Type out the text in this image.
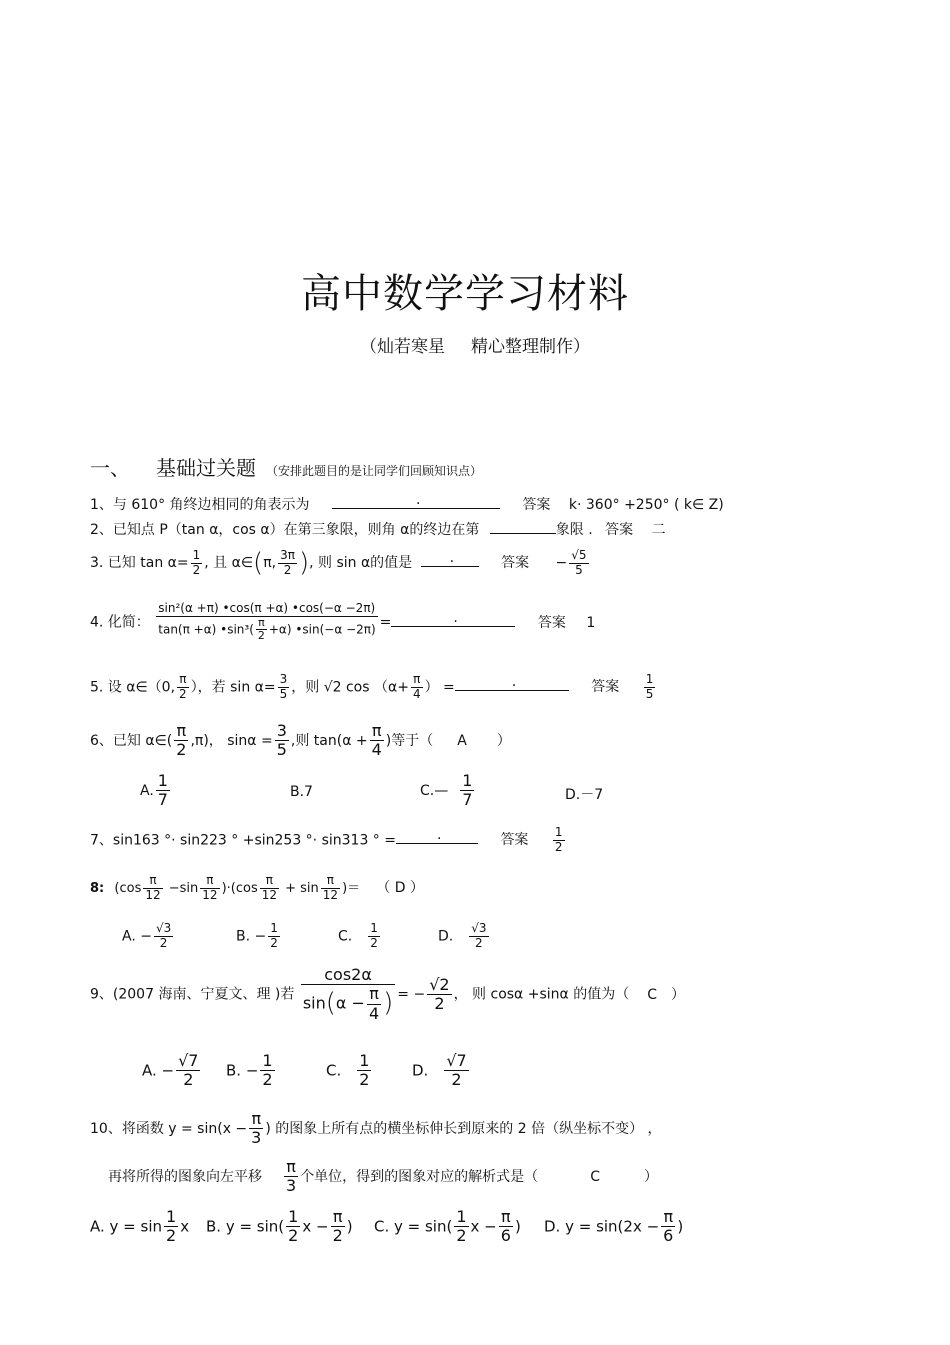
高中数学学习材料
（灿若寒星 精心整理制作）
一、 基础过关题 （安排此题目的是让同学们回顾知识点）
1、与 610° 角终边相同的角表示为	.	答案 k· 360° +250° ( k∈ Z)
2、已知点 P（tan α，cos α）在第三象限，则角 α的终边在第	象限 . 答案 二
3. 已知 $\tan \alpha= \frac{1}{2}$ , 且 α∈(π, $\frac{3\pi}{2}$ ), 则 sin α的值是	.	答案 − $\frac{√5}{5}$
4. 化简： $\frac{\text{sin²(α +π) •cos(π +α) •cos(−α −2π)}}{\tan(\pi +\alpha) •\sin^3( \frac{\pi}{2} +\alpha) •\sin(-\alpha -2\pi)}$ =	.	答案 1
5. 设 α∈（0, $\frac{\pi}{2}$ ），若 $\sin \alpha= \frac{3}{5}$ ，则 √2 $\cos (\alpha+ \frac{\pi}{4}$ ） =	.	答案 $\frac{1}{5}$
6、已知 α∈( $\frac{\pi}{2} ,\pi$)， $\sin\alpha = \frac{3}{5}$ ,则 $\tan(\alpha + \frac{\pi}{4}$ )等于（ A ）
A. $\frac{1}{7}$	B.7	C.— $\frac{1}{7}$	D.－7
7、sin163 °· sin223 ° +sin253 °· sin313 ° =	.	答案 $\frac{1}{2}$
8: $(\cos \frac{\pi}{12} -\sin \frac{\pi}{12} )\cdot(\cos \frac{\pi}{12} + \sin \frac{\pi}{12}$ )＝ （ D ）
A. − $\frac{√3}{2}$	B. − $\frac{1}{2}$	C. $\frac{1}{2}$	D. $\frac{√3}{2}$
9、(2007 海南、宁夏文、理 )若 $\frac{\cos 2\alpha}{\sin(\alpha - \frac{\pi}{4} )}$ = − $\frac{√2}{2}$ ， 则 cosα +sinα 的值为（ C ）
A. − $\frac{√7}{2} B$. − $\frac{1}{2}$	C. $\frac{1}{2}$	D. $\frac{√7}{2}$
10、将函数 $y = \sin(x - \frac{\pi}{3}$ ) 的图象上所有点的横坐标伸长到原来的 2 倍（纵坐标不变） ，
再将所得的图象向左平移 $\frac{\pi}{3}$ 个单位，得到的图象对应的解析式是（	C	）
A. $y = \sin \frac{1}{2}$ x B. $y = \sin( \frac{1}{2}$ $x - \frac{\pi}{2}$ ) C. $y = \sin( \frac{1}{2}$ $x - \frac{\pi}{6}$ ) D. $y = \sin(2x - \frac{\pi}{6}$ )
